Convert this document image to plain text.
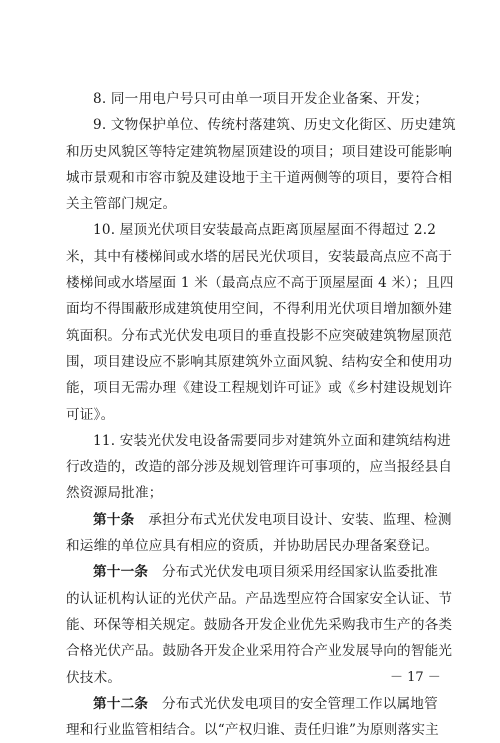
8. 同一用电户号只可由单一项目开发企业备案、开发；
9. 文物保护单位、传统村落建筑、历史文化街区、历史建筑
和历史风貌区等特定建筑物屋顶建设的项目；项目建设可能影响
城市景观和市容市貌及建设地于主干道两侧等的项目，要符合相
关主管部门规定。
10. 屋顶光伏项目安装最高点距离顶屋屋面不得超过 2.2
米，其中有楼梯间或水塔的居民光伏项目，安装最高点应不高于
楼梯间或水塔屋面 1 米（最高点应不高于顶屋屋面 4 米）；且四
面均不得围蔽形成建筑使用空间，不得利用光伏项目增加额外建
筑面积。分布式光伏发电项目的垂直投影不应突破建筑物屋顶范
围，项目建设应不影响其原建筑外立面风貌、结构安全和使用功
能，项目无需办理《建设工程规划许可证》或《乡村建设规划许
可证》。
11. 安装光伏发电设备需要同步对建筑外立面和建筑结构进
行改造的，改造的部分涉及规划管理许可事项的，应当报经县自
然资源局批准；
第十条　 承担分布式光伏发电项目设计、安装、监理、检测
和运维的单位应具有相应的资质，并协助居民办理备案登记。
第十一条　 分布式光伏发电项目须采用经国家认监委批准
的认证机构认证的光伏产品。产品选型应符合国家安全认证、节
能、环保等相关规定。鼓励各开发企业优先采购我市生产的各类
合格光伏产品。鼓励各开发企业采用符合产业发展导向的智能光
伏技术。
第十二条　 分布式光伏发电项目的安全管理工作以属地管
理和行业监管相结合。以“产权归谁、责任归谁”为原则落实主
－ 17 －
